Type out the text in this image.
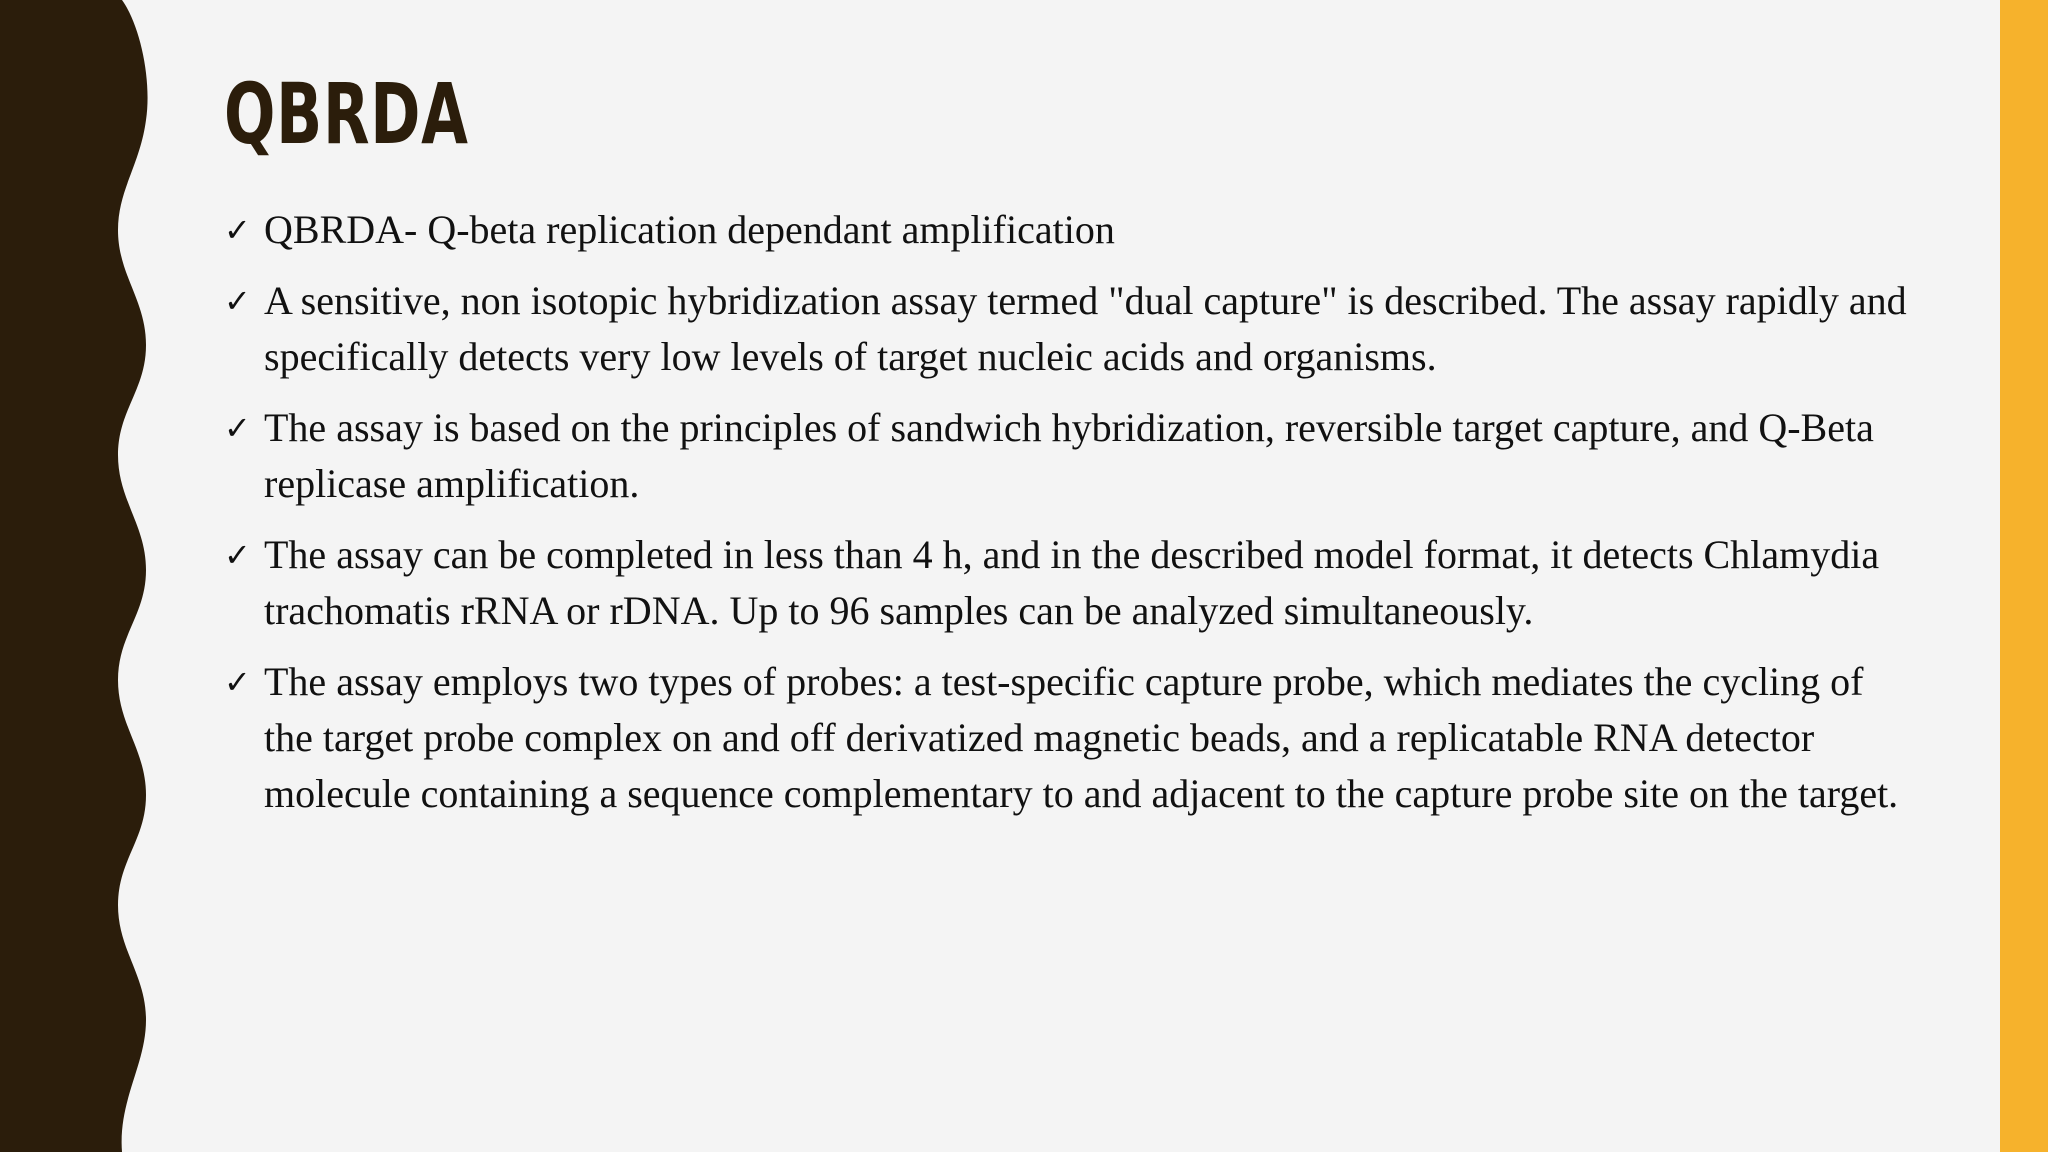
QBRDA
✓ QBRDA- Q-beta replication dependant amplification
✓ A sensitive, non isotopic hybridization assay termed "dual capture" is described. The assay rapidly and specifically detects very low levels of target nucleic acids and organisms.
✓ The assay is based on the principles of sandwich hybridization, reversible target capture, and Q-Beta replicase amplification.
✓ The assay can be completed in less than 4 h, and in the described model format, it detects Chlamydia trachomatis rRNA or rDNA. Up to 96 samples can be analyzed simultaneously.
✓ The assay employs two types of probes: a test-specific capture probe, which mediates the cycling of the target probe complex on and off derivatized magnetic beads, and a replicatable RNA detector molecule containing a sequence complementary to and adjacent to the capture probe site on the target.
